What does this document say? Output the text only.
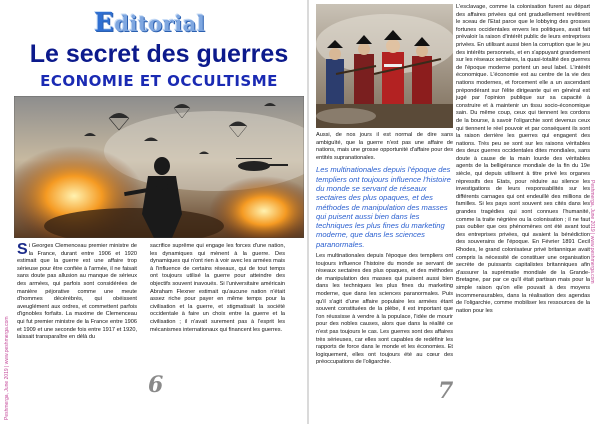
Editorial
Le secret des guerres
ECONOMIE ET OCCULTISME
Si Georges Clemenceau premier ministre de la France, durant entre 1906 et 1920 estimait que la guerre est une affaire trop sérieuse pour être confiée à l'armée, il ne faisait sans doute pas allusion au manque de sérieux des armées, qui parfois sont considérées de manière péjorative comme une meute d'hommes décérébrés, qui obéissent aveuglément aux ordres, et commettent parfois d'ignobles forfaits. La maxime de Clemenceau qui fut premier ministre de la France entre 1906 et 1909 et une seconde fois entre 1917 et 1920, laissait transparaître en délà du
sacrifice suprême qui engage les forces d'une nation, les dynamiques qui mènent à la guerre. Des dynamiques qui n'ont rien à voir avec les armées mais à l'influence de certains réseaux, qui de tout temps ont toujours utilisé la guerre pour atteindre des objectifs souvent inavoués. Si l'universitaire américain Abraham Flexner estimait qu'aucune nation n'était assez riche pour payer en même temps pour la civilisation et la guerre, et stigmatisait la société occidentale à faire un choix entre la guerre et la civilisation ; il n'avait surement pas à l'esprit les mécanismes internationaux qui financent les guerres.
6
Peshmerga, June 2019 | www.peshmerga.com

Aussi, de nos jours il est normal de dire sans ambiguïté, que la guerre n'est pas une affaire de nations, mais une grosse opportunité d'affaire pour des entités supranationales.

Les multinationales depuis l'époque des templiers ont toujours influence l'histoire du monde se servant de réseaux sectaires des plus opaques, et des méthodes de manipulation des masses qui puisent aussi bien dans les techniques les plus fines du marketing moderne, que dans les sciences paranormales.

Les multinationales depuis l'époque des templiers ont toujours influence l'histoire du monde se servant de réseaux sectaires des plus opaques, et des méthodes de manipulation des masses qui puisent aussi bien dans les techniques les plus fines du marketing moderne, que dans les sciences paranormales. Puis qu'il s'agit d'une affaire populaire les armées étant souvent constituées de la plèbe, il est important que l'on réussisse à vendre à la populace, l'idée de mourir pour des nobles causes, alors que dans la réalité ce n'est pas toujours le cas. Les guerres sont des affaires très sérieuses, car elles sont capables de redéfinir les rapports de force dans le monde et les économies. Et logiquement, elles ont toujours été au cœur des préoccupations de l'oligarchie.

L'esclavage, comme la colonisation furent au départ des affaires privées qui ont graduellement revêtirent le sceau de l'Etat parce que le lobbying des grosses fortunes occidentales envers les politiques, avait fait prévaloir la raison d'intérêt public de leurs entreprises privées. En utilisant aussi bien la corruption que le jeu des intérêts personnels, et en s'appuyant grandement sur les réseaux sectaires, la quasi-totalité des guerres de l'époque moderne portent un seul label. L'intérêt économique. L'économie est au centre de la vie des nations modernes, et forcement elle a un ascendant prépondérant sur l'élite dirigeante qui en général est jugé par l'opinion publique sur sa capacité à construire et à maintenir un tissu socio-économique sain. Du même coup, ceux qui tiennent les cordons de la bourse, à savoir l'oligarchie sont devenus ceux qui tiennent le réel pouvoir et par conséquent ils sont la raison derrière les guerres qui engagent des nations. Très peu se sont sur les raisons véritables des deux guerres occidentales dites mondiales, sans doute à cause de la main lourde des véritables agents de la belligérance mondiale de la fin du 19e siècle, qui depuis utilisent à titre privé les organes répressifs des Etats, pour réduire au silence les investigations de leurs responsabilités sur les différents carnages qui ont endeuillé des millions de familles. Si les pays sont souvent ses cités dans les grandes tragédies qui sont connues l'humanité, comme la traite nègrière ou la colonisation ; il ne faut pas oublier que ces phénomènes ont été avant tout des entreprises privées, qui avaient la bénédiction des souverains de l'époque. En Février 1891 Cecil Rhodes, le grand colonisateur privé britannique avait compris la nécessité de constituer une organisation secrète de puissants capitalistes britanniques afin d'assurer la suprématie mondiale de la Grande-Bretagne, par par ce qu'il était partisan mais pour la simple raison qu'on elle pouvait à des moyens incommensurables, dans la réalisation des agendas de l'oligarchie, comme mobiliser les ressources de la nation pour les
7
Peshmerga, June 2019 | www.peshmerga.com
